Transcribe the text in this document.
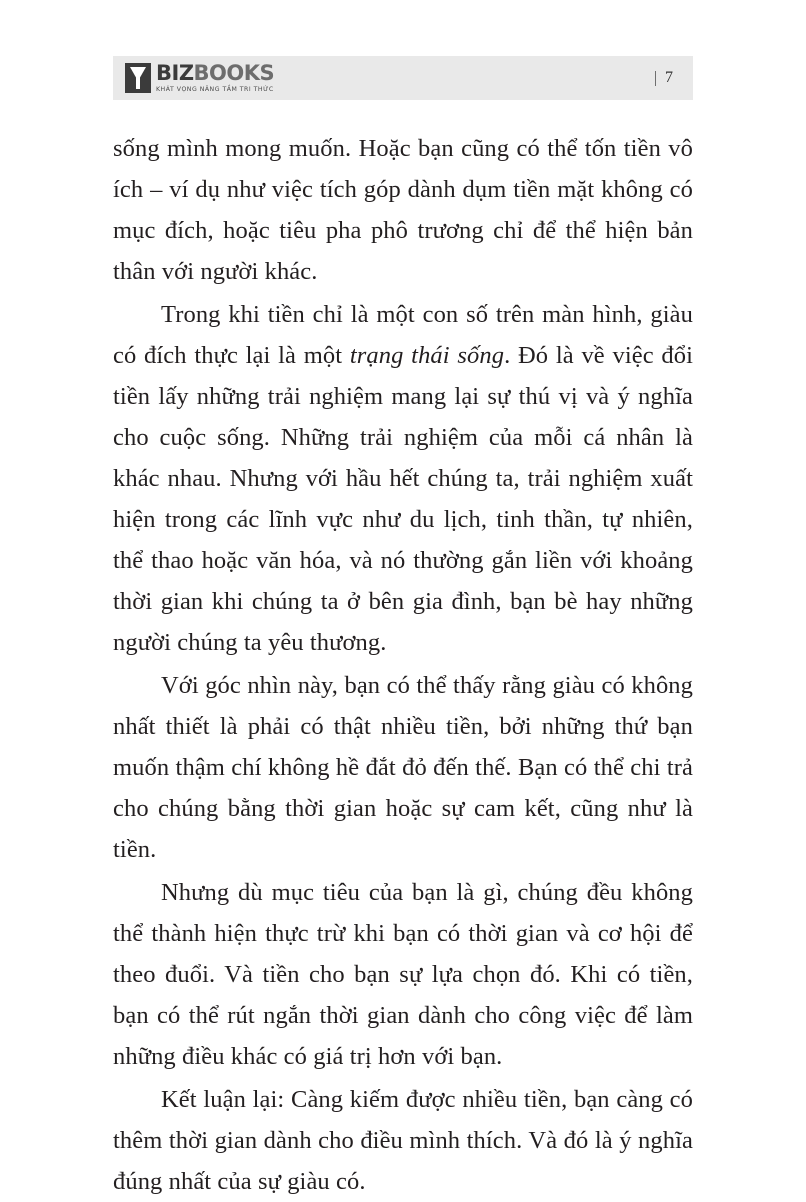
BIZBOOKS
KHÁT VỌNG NÂNG TẦM TRI THỨC
7

sống mình mong muốn. Hoặc bạn cũng có thể tốn tiền vô ích – ví dụ như việc tích góp dành dụm tiền mặt không có mục đích, hoặc tiêu pha phô trương chỉ để thể hiện bản thân với người khác.

Trong khi tiền chỉ là một con số trên màn hình, giàu có đích thực lại là một trạng thái sống. Đó là về việc đổi tiền lấy những trải nghiệm mang lại sự thú vị và ý nghĩa cho cuộc sống. Những trải nghiệm của mỗi cá nhân là khác nhau. Nhưng với hầu hết chúng ta, trải nghiệm xuất hiện trong các lĩnh vực như du lịch, tinh thần, tự nhiên, thể thao hoặc văn hóa, và nó thường gắn liền với khoảng thời gian khi chúng ta ở bên gia đình, bạn bè hay những người chúng ta yêu thương.

Với góc nhìn này, bạn có thể thấy rằng giàu có không nhất thiết là phải có thật nhiều tiền, bởi những thứ bạn muốn thậm chí không hề đắt đỏ đến thế. Bạn có thể chi trả cho chúng bằng thời gian hoặc sự cam kết, cũng như là tiền.

Nhưng dù mục tiêu của bạn là gì, chúng đều không thể thành hiện thực trừ khi bạn có thời gian và cơ hội để theo đuổi. Và tiền cho bạn sự lựa chọn đó. Khi có tiền, bạn có thể rút ngắn thời gian dành cho công việc để làm những điều khác có giá trị hơn với bạn.

Kết luận lại: Càng kiếm được nhiều tiền, bạn càng có thêm thời gian dành cho điều mình thích. Và đó là ý nghĩa đúng nhất của sự giàu có.
